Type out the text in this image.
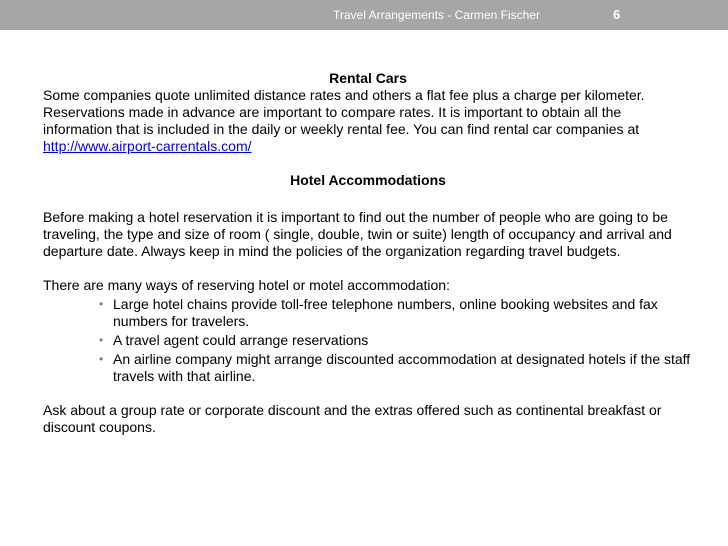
Travel Arrangements - Carmen Fischer	6

Rental Cars

Some companies quote unlimited distance rates and others a flat fee plus a charge per kilometer. Reservations made in advance are important to compare rates. It is important to obtain all the information that is included in the daily or weekly rental fee. You can find rental car companies at http://www.airport-carrentals.com/

Hotel Accommodations

Before making a hotel reservation it is important to find out the number of people who are going to be traveling, the type and size of room ( single, double, twin or suite) length of occupancy and arrival and departure date. Always keep in mind the policies of the organization regarding travel budgets.

There are many ways of reserving hotel or motel accommodation:

• Large hotel chains provide toll-free telephone numbers, online booking websites and fax numbers for travelers.
• A travel agent could arrange reservations
• An airline company might arrange discounted accommodation at designated hotels if the staff travels with that airline.

Ask about a group rate or corporate discount and the extras offered such as continental breakfast or discount coupons.
